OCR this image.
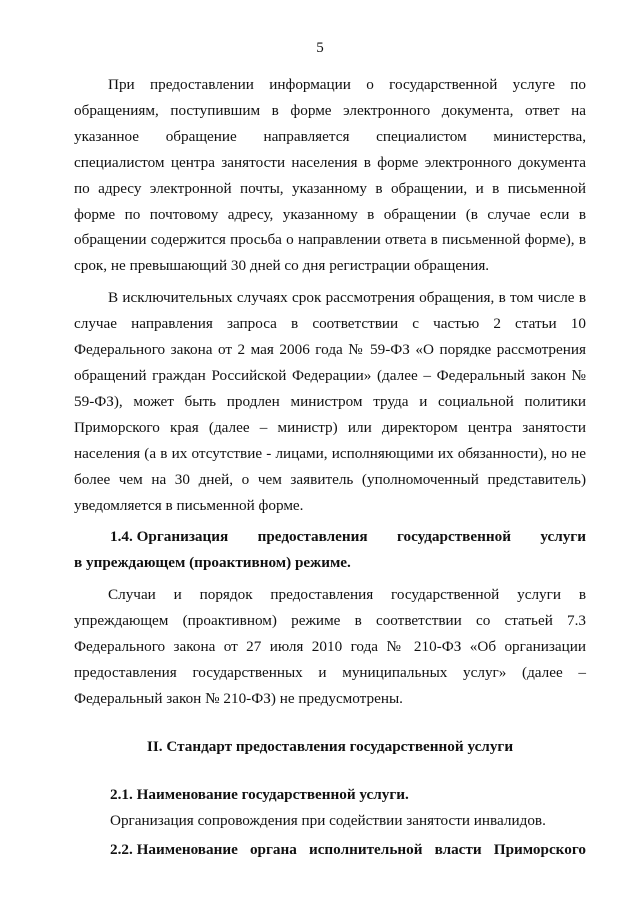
5

При предоставлении информации о государственной услуге по обращениям, поступившим в форме электронного документа, ответ на указанное обращение направляется специалистом министерства, специалистом центра занятости населения в форме электронного документа по адресу электронной почты, указанному в обращении, и в письменной форме по почтовому адресу, указанному в обращении (в случае если в обращении содержится просьба о направлении ответа в письменной форме), в срок, не превышающий 30 дней со дня регистрации обращения.

В исключительных случаях срок рассмотрения обращения, в том числе в случае направления запроса в соответствии с частью 2 статьи 10 Федерального закона от 2 мая 2006 года № 59-ФЗ «О порядке рассмотрения обращений граждан Российской Федерации» (далее – Федеральный закон № 59-ФЗ), может быть продлен министром труда и социальной политики Приморского края (далее – министр) или директором центра занятости населения (а в их отсутствие - лицами, исполняющими их обязанности), но не более чем на 30 дней, о чем заявитель (уполномоченный представитель) уведомляется в письменной форме.

1.4. Организация предоставления государственной услуги
в упреждающем (проактивном) режиме.

Случаи и порядок предоставления государственной услуги в упреждающем (проактивном) режиме в соответствии со статьей 7.3 Федерального закона от 27 июля 2010 года № 210-ФЗ «Об организации предоставления государственных и муниципальных услуг» (далее – Федеральный закон № 210-ФЗ) не предусмотрены.

II. Стандарт предоставления государственной услуги
2.1. Наименование государственной услуги.

Организация сопровождения при содействии занятости инвалидов.

2.2. Наименование органа исполнительной власти Приморского
